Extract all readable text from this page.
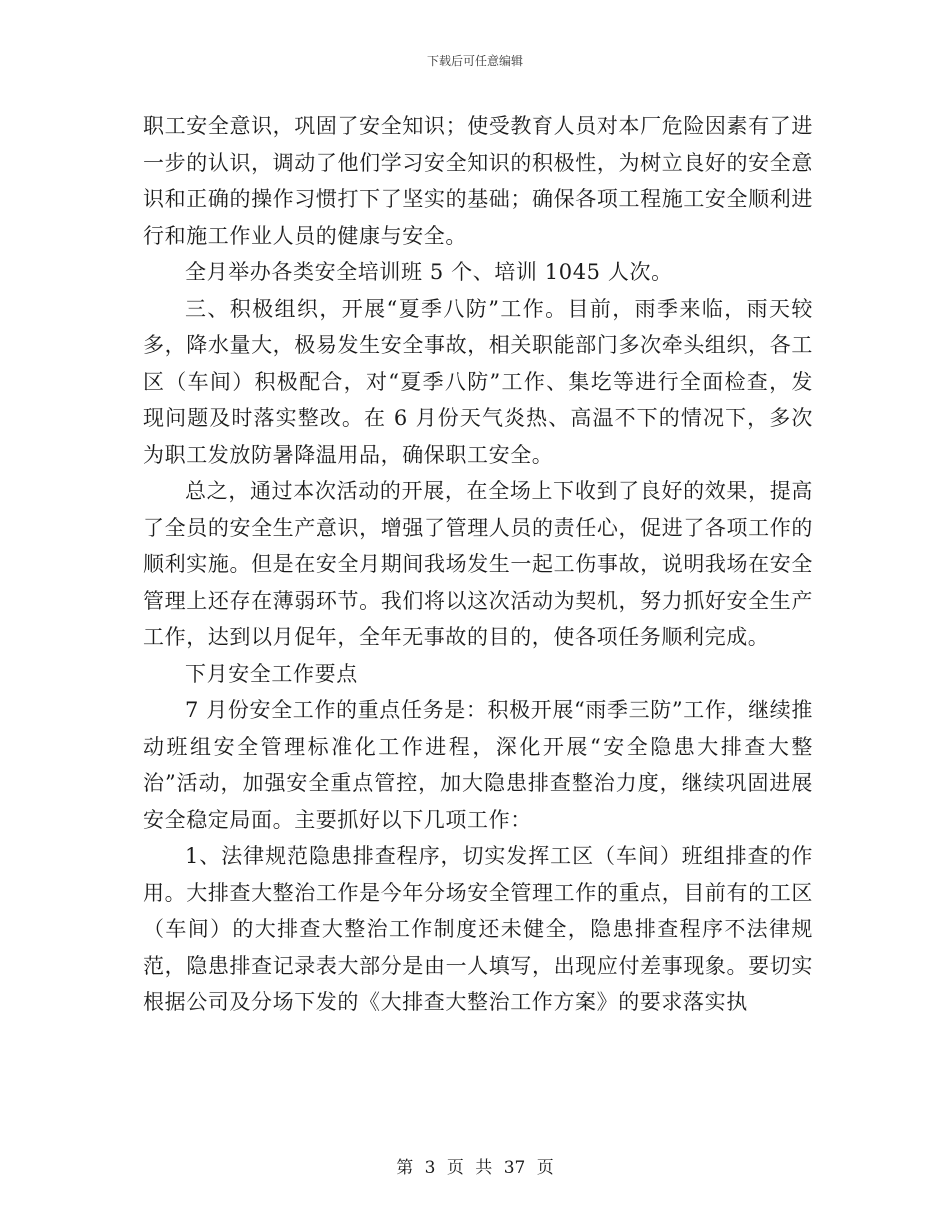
下载后可任意编辑

职工安全意识，巩固了安全知识；使受教育人员对本厂危险因素有了进一步的认识，调动了他们学习安全知识的积极性，为树立良好的安全意识和正确的操作习惯打下了坚实的基础；确保各项工程施工安全顺利进行和施工作业人员的健康与安全。

全月举办各类安全培训班 5 个、培训 1045 人次。

三、积极组织，开展“夏季八防”工作。目前，雨季来临，雨天较多，降水量大，极易发生安全事故，相关职能部门多次牵头组织，各工区（车间）积极配合，对“夏季八防”工作、集圪等进行全面检查，发现问题及时落实整改。在 6 月份天气炎热、高温不下的情况下，多次为职工发放防暑降温用品，确保职工安全。

总之，通过本次活动的开展，在全场上下收到了良好的效果，提高了全员的安全生产意识，增强了管理人员的责任心，促进了各项工作的顺利实施。但是在安全月期间我场发生一起工伤事故，说明我场在安全管理上还存在薄弱环节。我们将以这次活动为契机，努力抓好安全生产工作，达到以月促年，全年无事故的目的，使各项任务顺利完成。

下月安全工作要点

7 月份安全工作的重点任务是：积极开展“雨季三防”工作，继续推动班组安全管理标准化工作进程，深化开展“安全隐患大排查大整治”活动，加强安全重点管控，加大隐患排查整治力度，继续巩固进展安全稳定局面。主要抓好以下几项工作：

1、法律规范隐患排查程序，切实发挥工区（车间）班组排查的作用。大排查大整治工作是今年分场安全管理工作的重点，目前有的工区（车间）的大排查大整治工作制度还未健全，隐患排查程序不法律规范，隐患排查记录表大部分是由一人填写，出现应付差事现象。要切实根据公司及分场下发的《大排查大整治工作方案》的要求落实执

第 3 页 共 37 页
